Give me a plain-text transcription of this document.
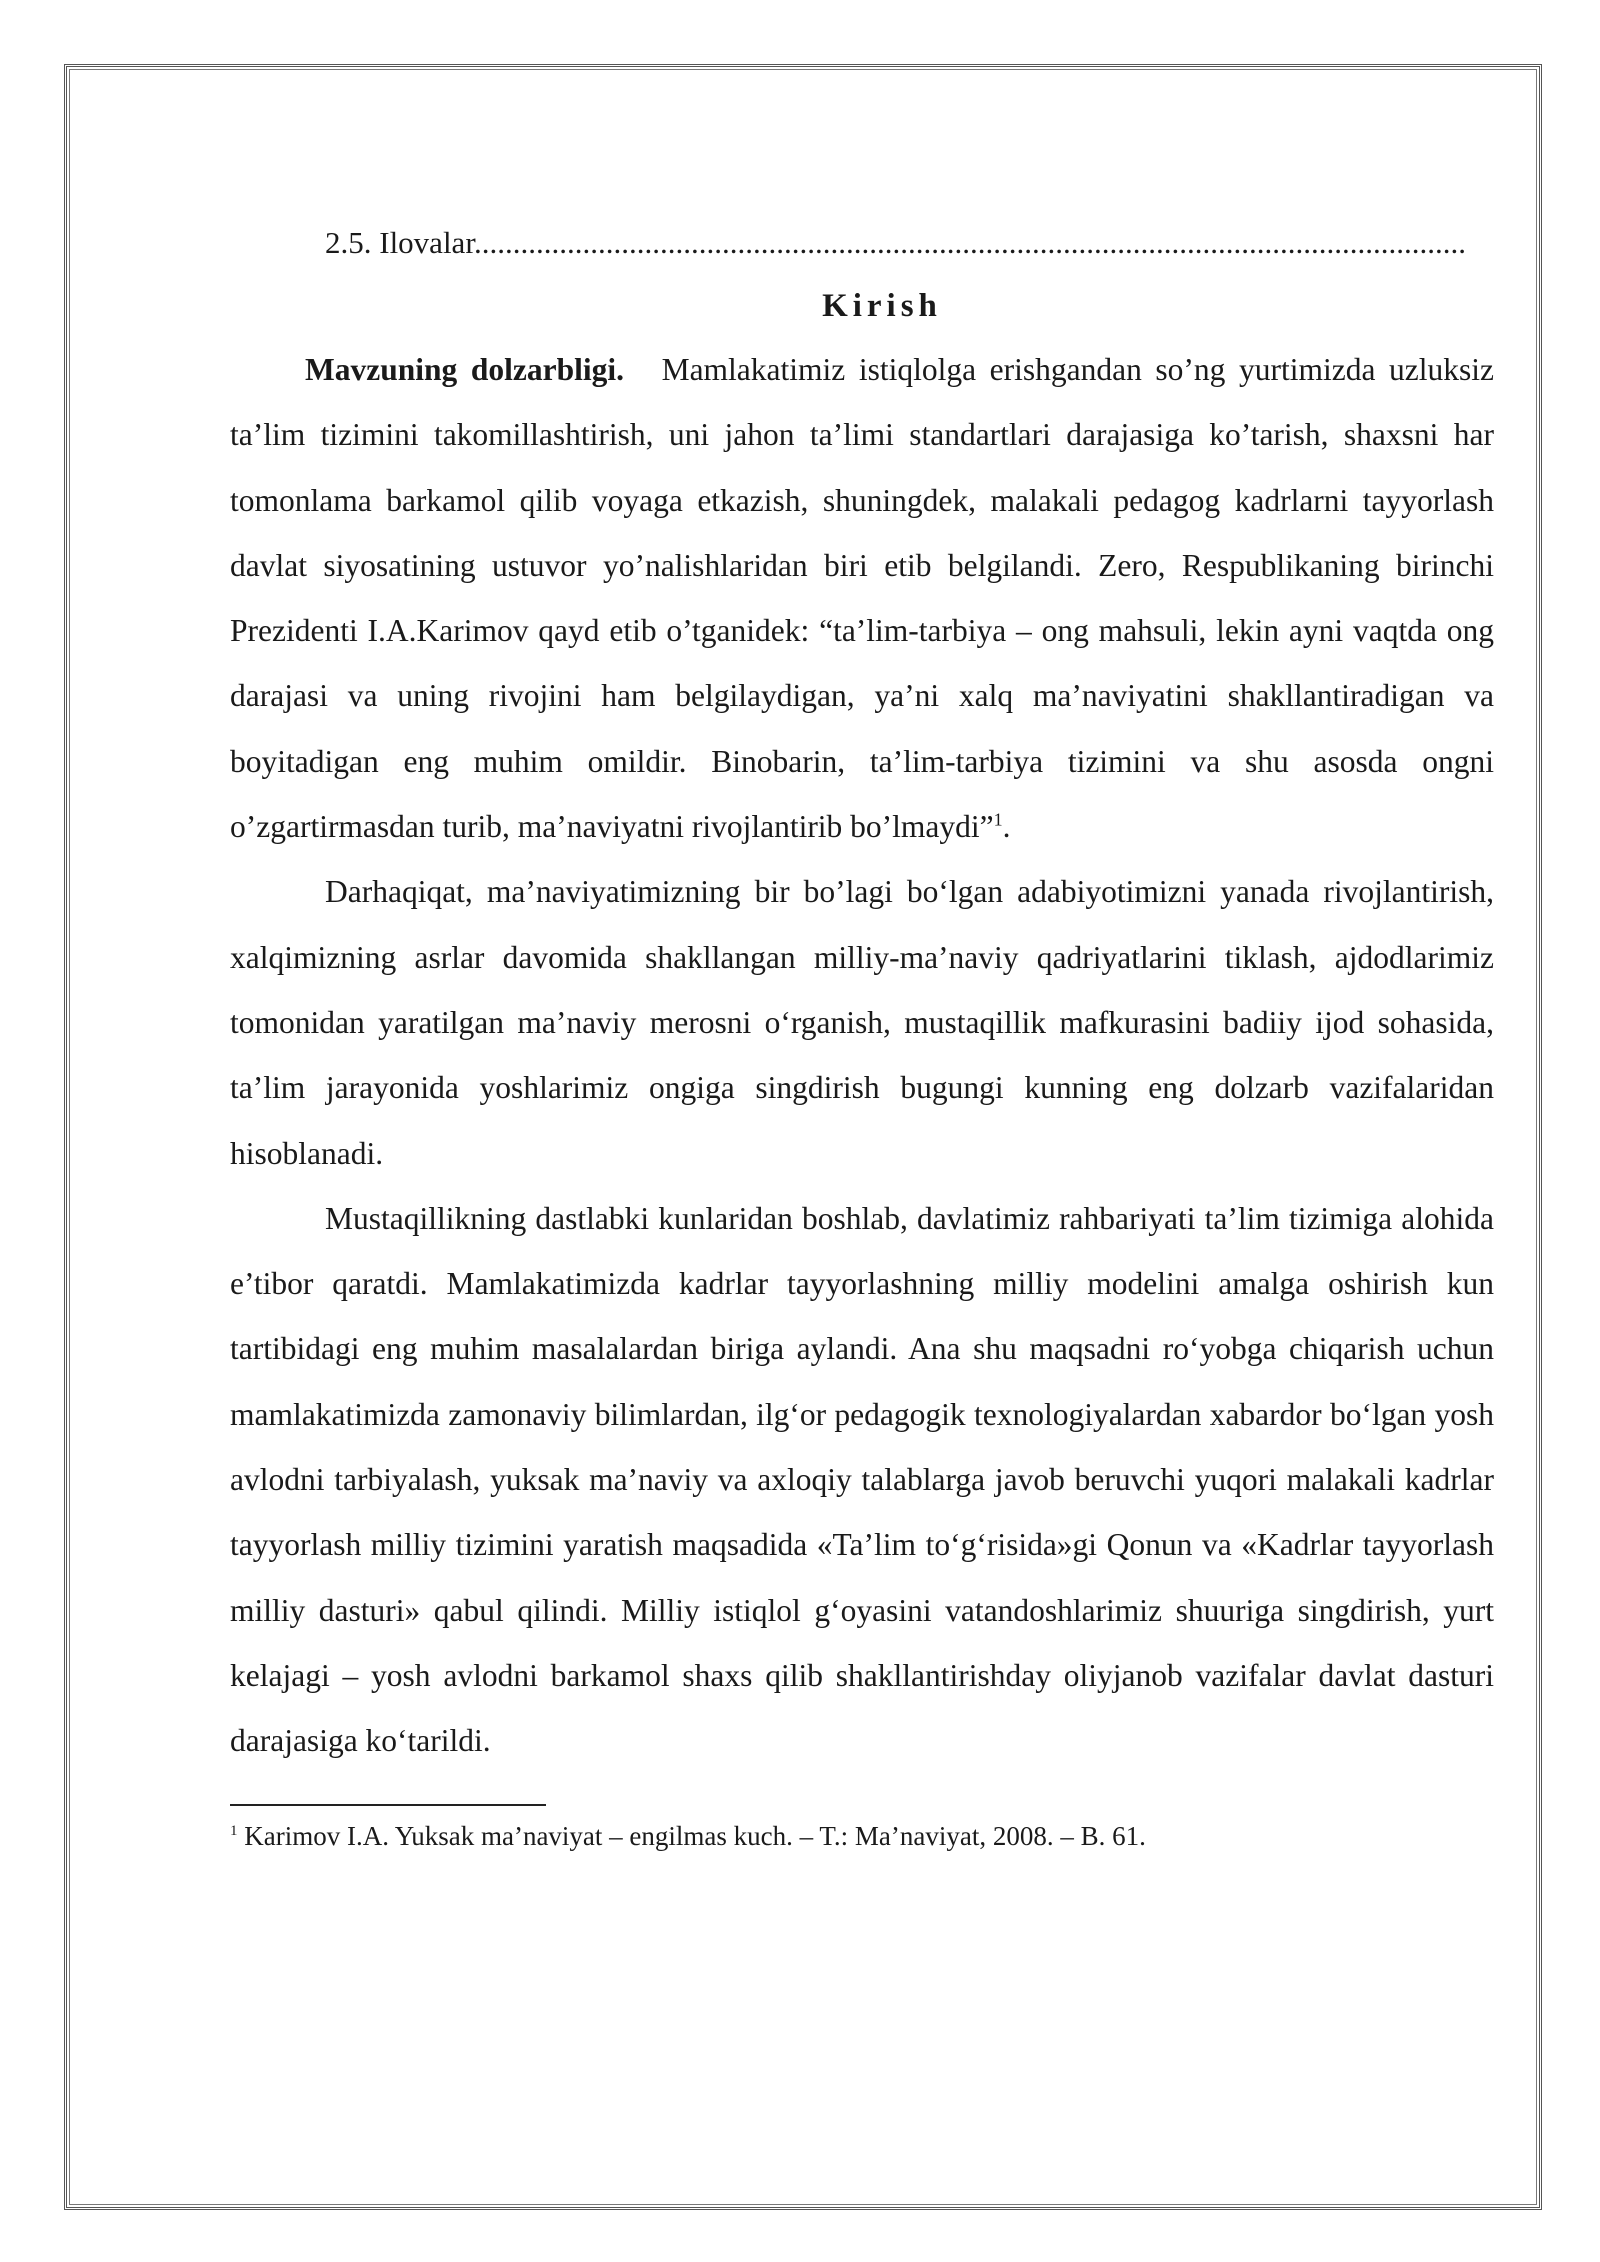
2.5. Ilovalar................................................................................................................................
Kirish

Mavzuning dolzarbligi. Mamlakatimiz istiqlolga erishgandan so’ng yurtimizda uzluksiz ta’lim tizimini takomillashtirish, uni jahon ta’limi standartlari darajasiga ko’tarish, shaxsni har tomonlama barkamol qilib voyaga etkazish, shuningdek, malakali pedagog kadrlarni tayyorlash davlat siyosatining ustuvor yo’nalishlaridan biri etib belgilandi. Zero, Respublikaning birinchi Prezidenti I.A.Karimov qayd etib o’tganidek: “ta’lim-tarbiya – ong mahsuli, lekin ayni vaqtda ong darajasi va uning rivojini ham belgilaydigan, ya’ni xalq ma’naviyatini shakllantiradigan va boyitadigan eng muhim omildir. Binobarin, ta’lim-tarbiya tizimini va shu asosda ongni o’zgartirmasdan turib, ma’naviyatni rivojlantirib bo’lmaydi”$^1$.

Darhaqiqat, ma’naviyatimizning bir bo’lagi bo‘lgan adabiyotimizni yanada rivojlantirish, xalqimizning asrlar davomida shakllangan milliy-ma’naviy qadriyatlarini tiklash, ajdodlarimiz tomonidan yaratilgan ma’naviy merosni o‘rganish, mustaqillik mafkurasini badiiy ijod sohasida, ta’lim jarayonida yoshlarimiz ongiga singdirish bugungi kunning eng dolzarb vazifalaridan hisoblanadi.

Mustaqillikning dastlabki kunlaridan boshlab, davlatimiz rahbariyati ta’lim tizimiga alohida e’tibor qaratdi. Mamlakatimizda kadrlar tayyorlashning milliy modelini amalga oshirish kun tartibidagi eng muhim masalalardan biriga aylandi. Ana shu maqsadni ro‘yobga chiqarish uchun mamlakatimizda zamonaviy bilimlardan, ilg‘or pedagogik texnologiyalardan xabardor bo‘lgan yosh avlodni tarbiyalash, yuksak ma’naviy va axloqiy talablarga javob beruvchi yuqori malakali kadrlar tayyorlash milliy tizimini yaratish maqsadida «Ta’lim to‘g‘risida»gi Qonun va «Kadrlar tayyorlash milliy dasturi» qabul qilindi. Milliy istiqlol g‘oyasini vatandoshlarimiz shuuriga singdirish, yurt kelajagi – yosh avlodni barkamol shaxs qilib shakllantirishday oliyjanob vazifalar davlat dasturi darajasiga ko‘tarildi.

$^1$ Karimov I.A. Yuksak ma’naviyat – engilmas kuch. – T.: Ma’naviyat, 2008. – B. 61.
